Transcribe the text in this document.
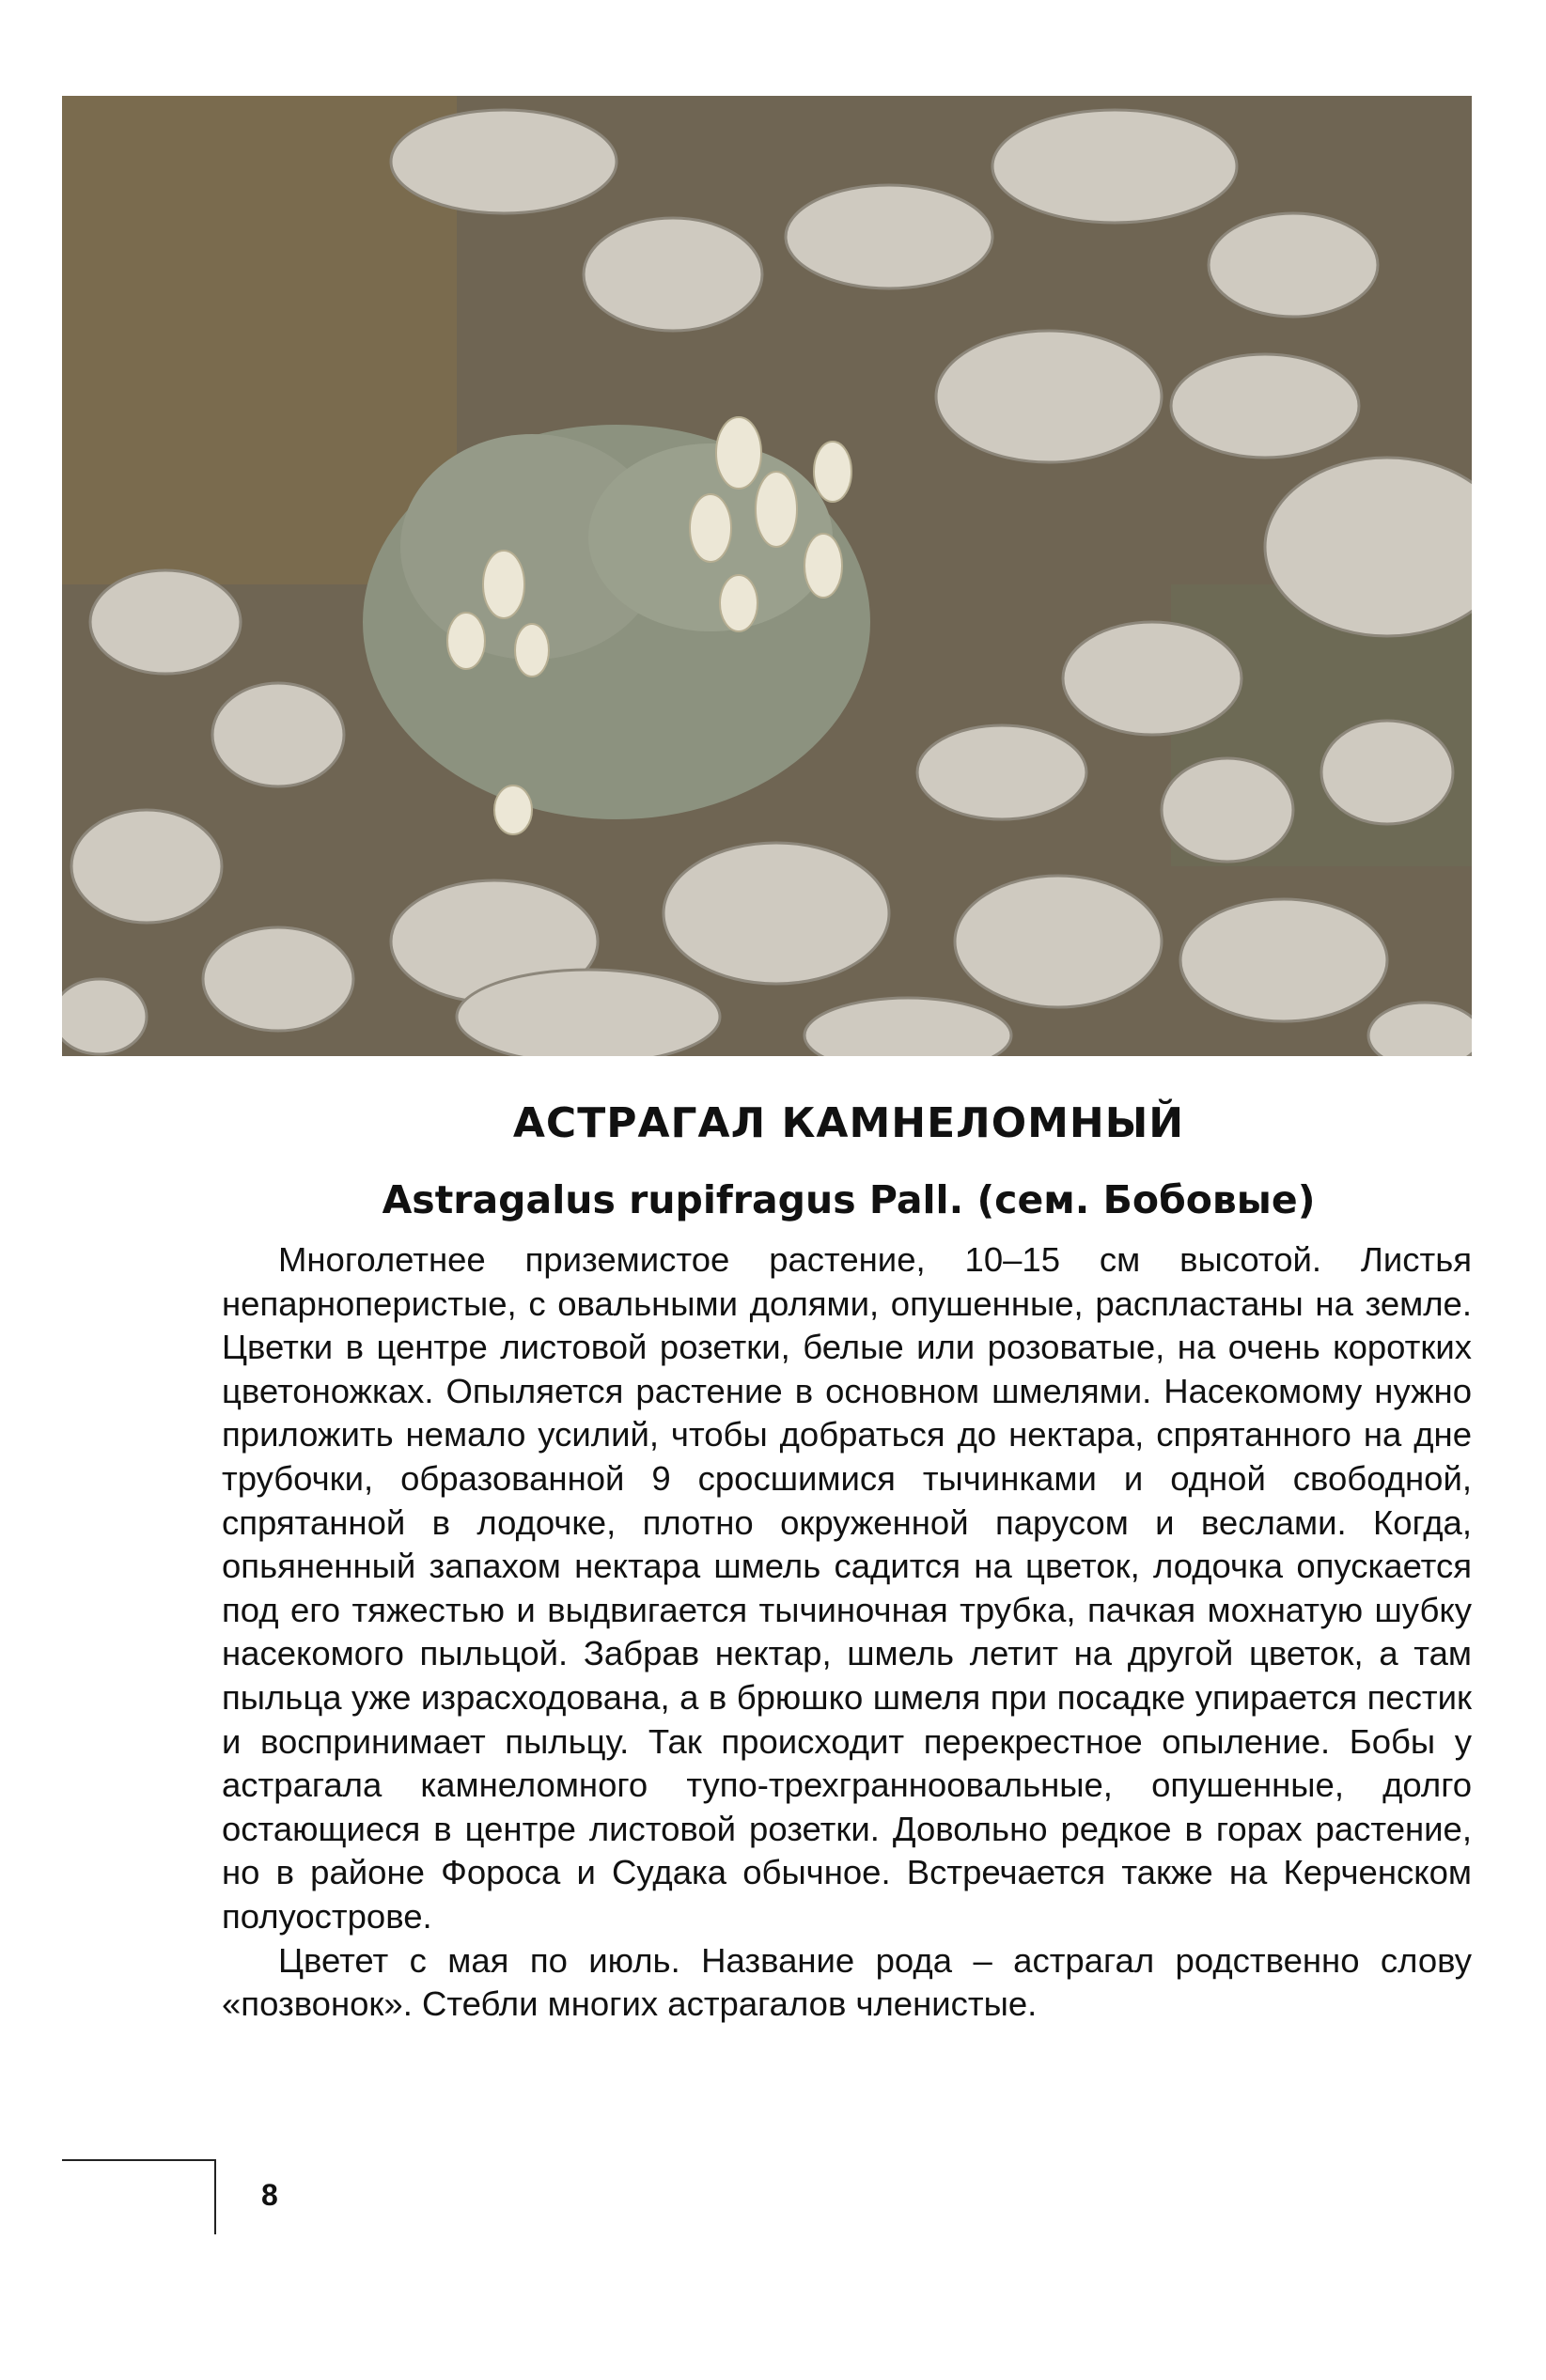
АСТРАГАЛ КАМНЕЛОМНЫЙ
Astragalus rupifragus Pall. (сем. Бобовые)

Многолетнее приземистое растение, 10–15 см высотой. Листья непарноперистые, с овальными долями, опушенные, распластаны на земле. Цветки в центре листовой розетки, белые или розоватые, на очень коротких цветоножках. Опыляется растение в основном шмелями. Насекомому нужно приложить немало усилий, чтобы добраться до нектара, спрятанного на дне трубочки, образованной 9 сросшимися тычинками и одной свободной, спрятанной в лодочке, плотно окруженной парусом и веслами. Когда, опьяненный запахом нектара шмель садится на цветок, лодочка опускается под его тяжестью и выдвигается тычиночная трубка, пачкая мохнатую шубку насекомого пыльцой. Забрав нектар, шмель летит на другой цветок, а там пыльца уже израсходована, а в брюшко шмеля при посадке упирается пестик и воспринимает пыльцу. Так происходит перекрестное опыление. Бобы у астрагала камнеломного тупо-трехгранноовальные, опушенные, долго остающиеся в центре листовой розетки. Довольно редкое в горах растение, но в районе Фороса и Судака обычное. Встречается также на Керченском полуострове.

Цветет с мая по июль. Название рода – астрагал родственно слову «позвонок». Стебли многих астрагалов членистые.

8
